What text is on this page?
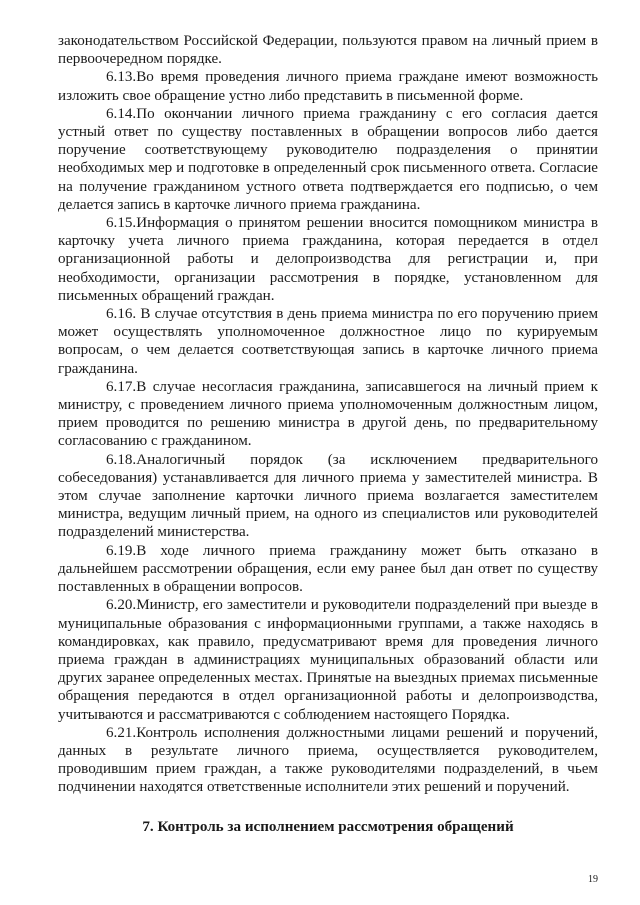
законодательством Российской Федерации, пользуются правом на личный прием в первоочередном порядке.

6.13.Во время проведения личного приема граждане имеют возможность изложить свое обращение устно либо представить в письменной форме.

6.14.По окончании личного приема гражданину с его согласия дается устный ответ по существу поставленных в обращении вопросов либо дается поручение соответствующему руководителю подразделения о принятии необходимых мер и подготовке в определенный срок письменного ответа. Согласие на получение гражданином устного ответа подтверждается его подписью, о чем делается запись в карточке личного приема гражданина.

6.15.Информация о принятом решении вносится помощником министра в карточку учета личного приема гражданина, которая передается в отдел организационной работы и делопроизводства для регистрации и, при необходимости, организации рассмотрения в порядке, установленном для письменных обращений граждан.

6.16. В случае отсутствия в день приема министра по его поручению прием может осуществлять уполномоченное должностное лицо по курируемым вопросам, о чем делается соответствующая запись в карточке личного приема гражданина.

6.17.В случае несогласия гражданина, записавшегося на личный прием к министру, с проведением личного приема уполномоченным должностным лицом, прием проводится по решению министра в другой день, по предварительному согласованию с гражданином.

6.18.Аналогичный порядок (за исключением предварительного собеседования) устанавливается для личного приема у заместителей министра. В этом случае заполнение карточки личного приема возлагается заместителем министра, ведущим личный прием, на одного из специалистов или руководителей подразделений министерства.

6.19.В ходе личного приема гражданину может быть отказано в дальнейшем рассмотрении обращения, если ему ранее был дан ответ по существу поставленных в обращении вопросов.

6.20.Министр, его заместители и руководители подразделений при выезде в муниципальные образования с информационными группами, а также находясь в командировках, как правило, предусматривают время для проведения личного приема граждан в администрациях муниципальных образований области или других заранее определенных местах. Принятые на выездных приемах письменные обращения передаются в отдел организационной работы и делопроизводства, учитываются и рассматриваются с соблюдением настоящего Порядка.

6.21.Контроль исполнения должностными лицами решений и поручений, данных в результате личного приема, осуществляется руководителем, проводившим прием граждан, а также руководителями подразделений, в чьем подчинении находятся ответственные исполнители этих решений и поручений.

7. Контроль за исполнением рассмотрения обращений
19
